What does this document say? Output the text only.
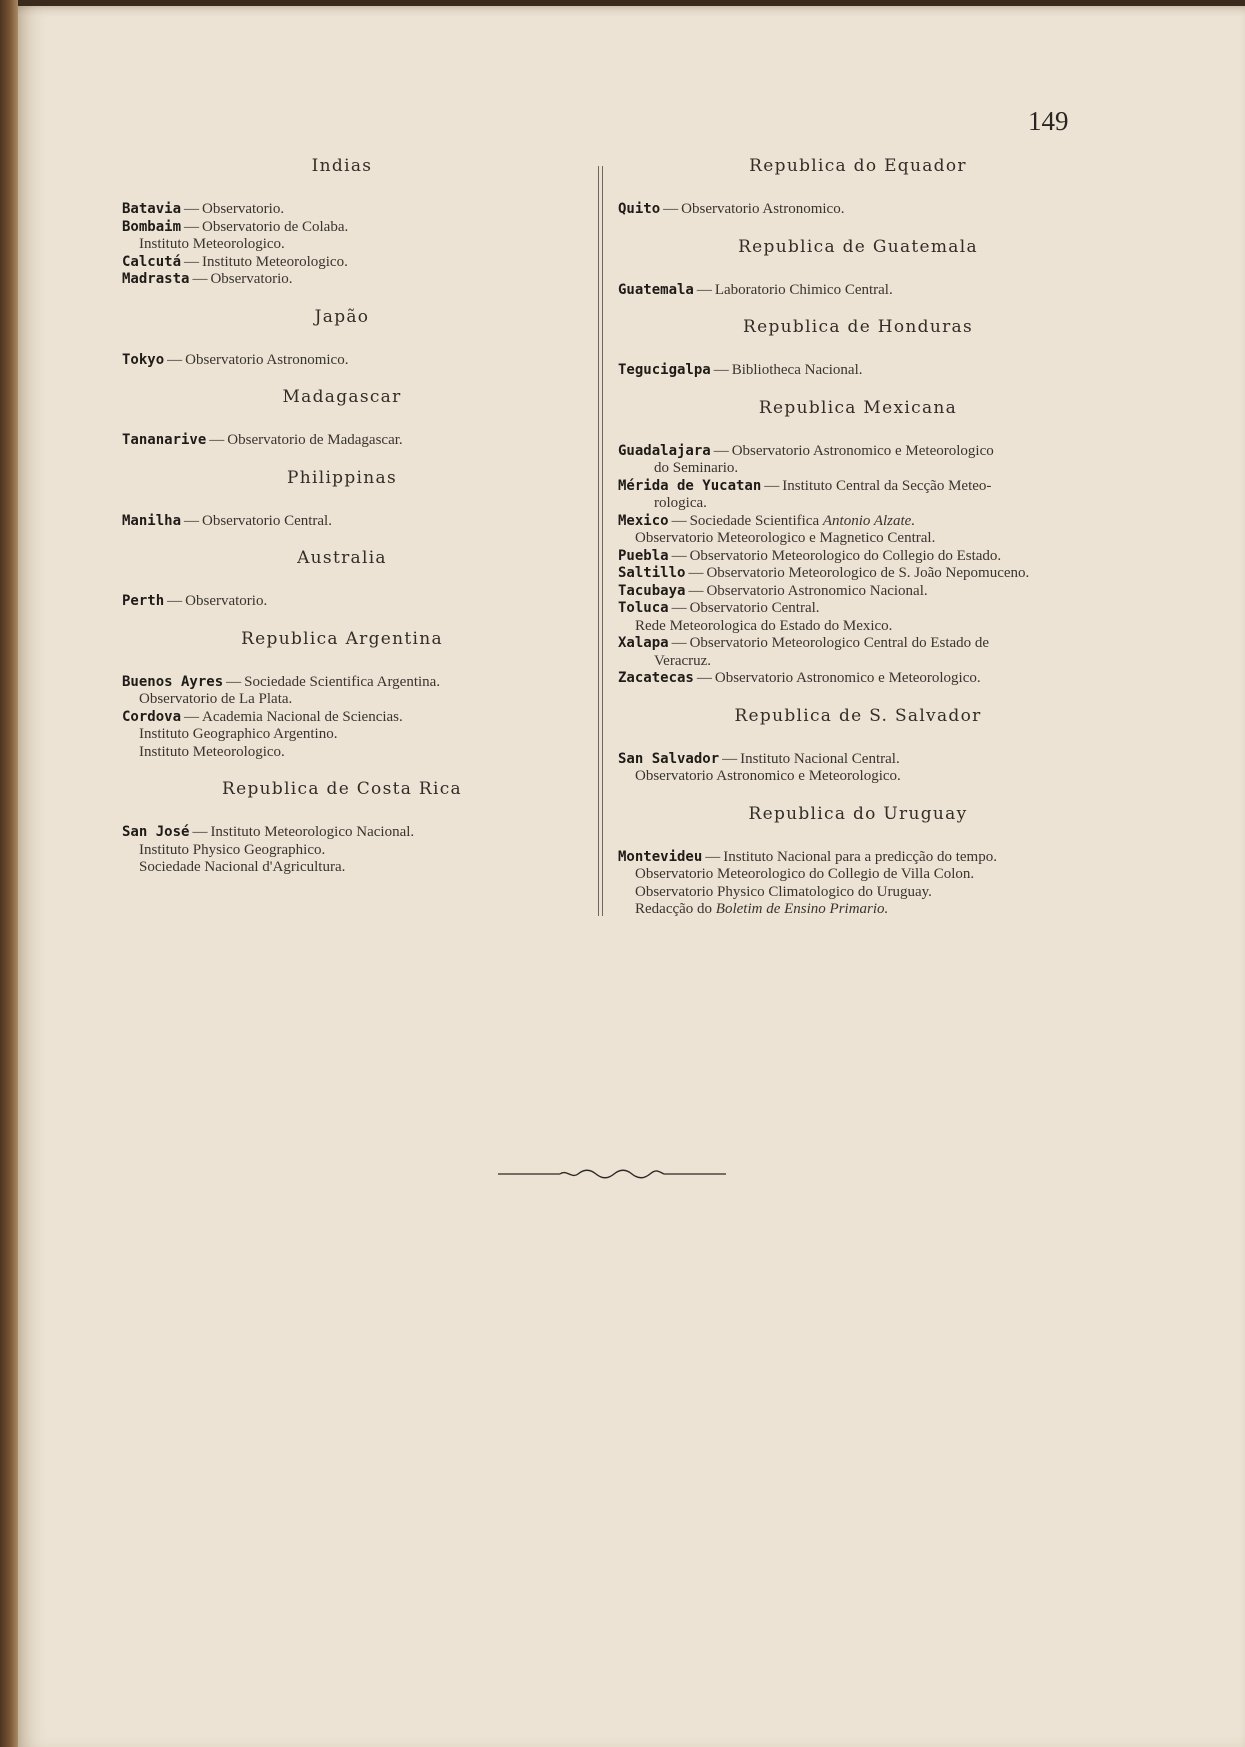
149
Indias
Batavia — Observatorio.
Bombaim — Observatorio de Colaba.
Instituto Meteorologico.
Calcutá — Instituto Meteorologico.
Madrasta — Observatorio.
Japão
Tokyo — Observatorio Astronomico.
Madagascar
Tananarive — Observatorio de Madagascar.
Philippinas
Manilha — Observatorio Central.
Australia
Perth — Observatorio.
Republica Argentina
Buenos Ayres — Sociedade Scientifica Argentina.
Observatorio de La Plata.
Cordova — Academia Nacional de Sciencias.
Instituto Geographico Argentino.
Instituto Meteorologico.
Republica de Costa Rica
San José — Instituto Meteorologico Nacional.
Instituto Physico Geographico.
Sociedade Nacional d'Agricultura.
Republica do Equador
Quito — Observatorio Astronomico.
Republica de Guatemala
Guatemala — Laboratorio Chimico Central.
Republica de Honduras
Tegucigalpa — Bibliotheca Nacional.
Republica Mexicana
Guadalajara — Observatorio Astronomico e Meteorologico
do Seminario.
Mérida de Yucatan — Instituto Central da Secção Meteo-
rologica.
Mexico — Sociedade Scientifica Antonio Alzate.
Observatorio Meteorologico e Magnetico Central.
Puebla — Observatorio Meteorologico do Collegio do Estado.
Saltillo — Observatorio Meteorologico de S. João Nepomuceno.
Tacubaya — Observatorio Astronomico Nacional.
Toluca — Observatorio Central.
Rede Meteorologica do Estado do Mexico.
Xalapa — Observatorio Meteorologico Central do Estado de
Veracruz.
Zacatecas — Observatorio Astronomico e Meteorologico.
Republica de S. Salvador
San Salvador — Instituto Nacional Central.
Observatorio Astronomico e Meteorologico.
Republica do Uruguay
Montevideu — Instituto Nacional para a predicção do tempo.
Observatorio Meteorologico do Collegio de Villa Colon.
Observatorio Physico Climatologico do Uruguay.
Redacção do Boletim de Ensino Primario.
